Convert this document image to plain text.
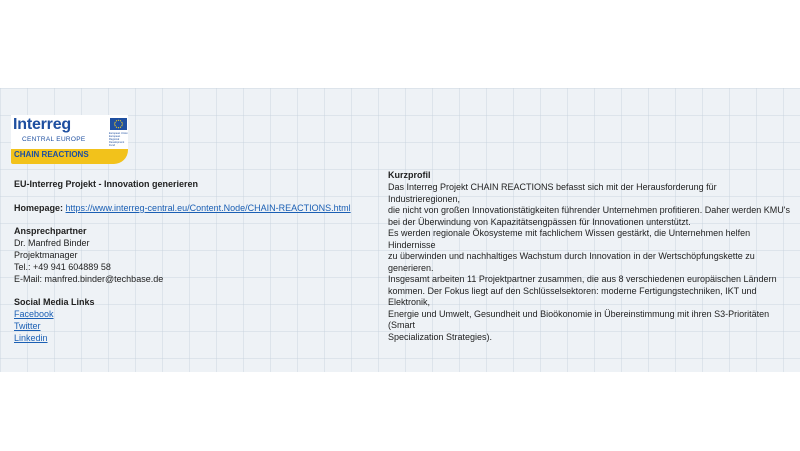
Interreg
CENTRAL EUROPE
European Union European Regional Development Fund
CHAIN REACTIONS
EU-Interreg Projekt - Innovation generieren
Homepage: https://www.interreg-central.eu/Content.Node/CHAIN-REACTIONS.html
Ansprechpartner
Dr. Manfred Binder
Projektmanager
Tel.: +49 941 604889 58
E-Mail: manfred.binder@techbase.de
Social Media Links
Facebook
Twitter
Linkedin
Kurzprofil
Das Interreg Projekt CHAIN REACTIONS befasst sich mit der Herausforderung für Industrieregionen,
die nicht von großen Innovationstätigkeiten führender Unternehmen profitieren. Daher werden KMU's
bei der Überwindung von Kapazitätsengpässen für Innovationen unterstützt.
Es werden regionale Ökosysteme mit fachlichem Wissen gestärkt, die Unternehmen helfen Hindernisse
zu überwinden und nachhaltiges Wachstum durch Innovation in der Wertschöpfungskette zu generieren.
Insgesamt arbeiten 11 Projektpartner zusammen, die aus 8 verschiedenen europäischen Ländern
kommen. Der Fokus liegt auf den Schlüsselsektoren: moderne Fertigungstechniken, IKT und Elektronik,
Energie und Umwelt, Gesundheit und Bioökonomie in Übereinstimmung mit ihren S3-Prioritäten (Smart
Specialization Strategies).
